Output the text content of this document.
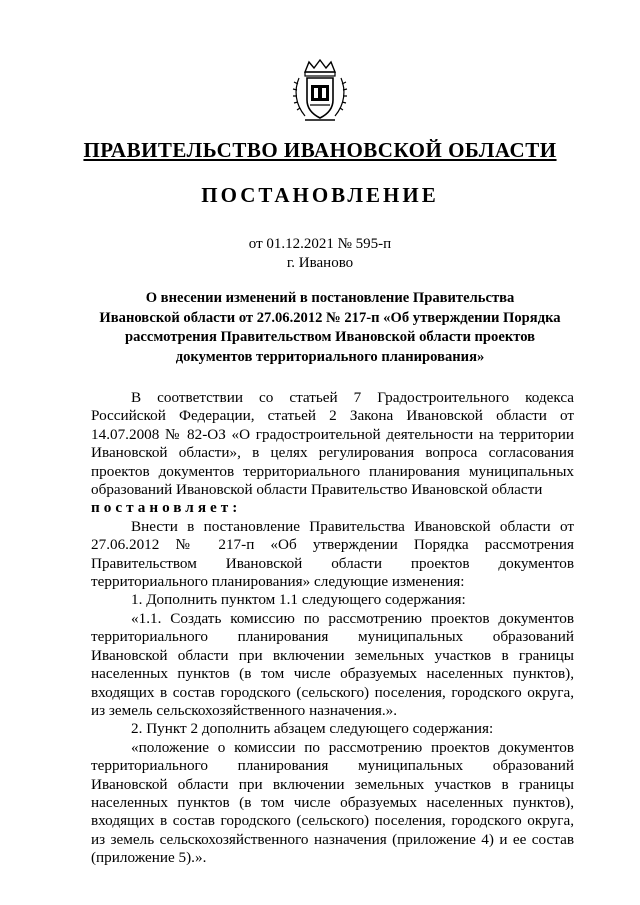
ПРАВИТЕЛЬСТВО ИВАНОВСКОЙ ОБЛАСТИ
ПОСТАНОВЛЕНИЕ
от 01.12.2021 № 595-п
г. Иваново
О внесении изменений в постановление Правительства
Ивановской области от 27.06.2012 № 217-п «Об утверждении Порядка
рассмотрения Правительством Ивановской области проектов
документов территориального планирования»

В соответствии со статьей 7 Градостроительного кодекса Российской Федерации, статьей 2 Закона Ивановской области от 14.07.2008 № 82-ОЗ «О градостроительной деятельности на территории Ивановской области», в целях регулирования вопроса согласования проектов документов территориального планирования муниципальных образований Ивановской области Правительство Ивановской области

постановляет:

Внести в постановление Правительства Ивановской области от 27.06.2012 № 217-п «Об утверждении Порядка рассмотрения Правительством Ивановской области проектов документов территориального планирования» следующие изменения:

1. Дополнить пунктом 1.1 следующего содержания:

«1.1. Создать комиссию по рассмотрению проектов документов территориального планирования муниципальных образований Ивановской области при включении земельных участков в границы населенных пунктов (в том числе образуемых населенных пунктов), входящих в состав городского (сельского) поселения, городского округа, из земель сельскохозяйственного назначения.».

2. Пункт 2 дополнить абзацем следующего содержания:

«положение о комиссии по рассмотрению проектов документов территориального планирования муниципальных образований Ивановской области при включении земельных участков в границы населенных пунктов (в том числе образуемых населенных пунктов), входящих в состав городского (сельского) поселения, городского округа, из земель сельскохозяйственного назначения (приложение 4) и ее состав (приложение 5).».
